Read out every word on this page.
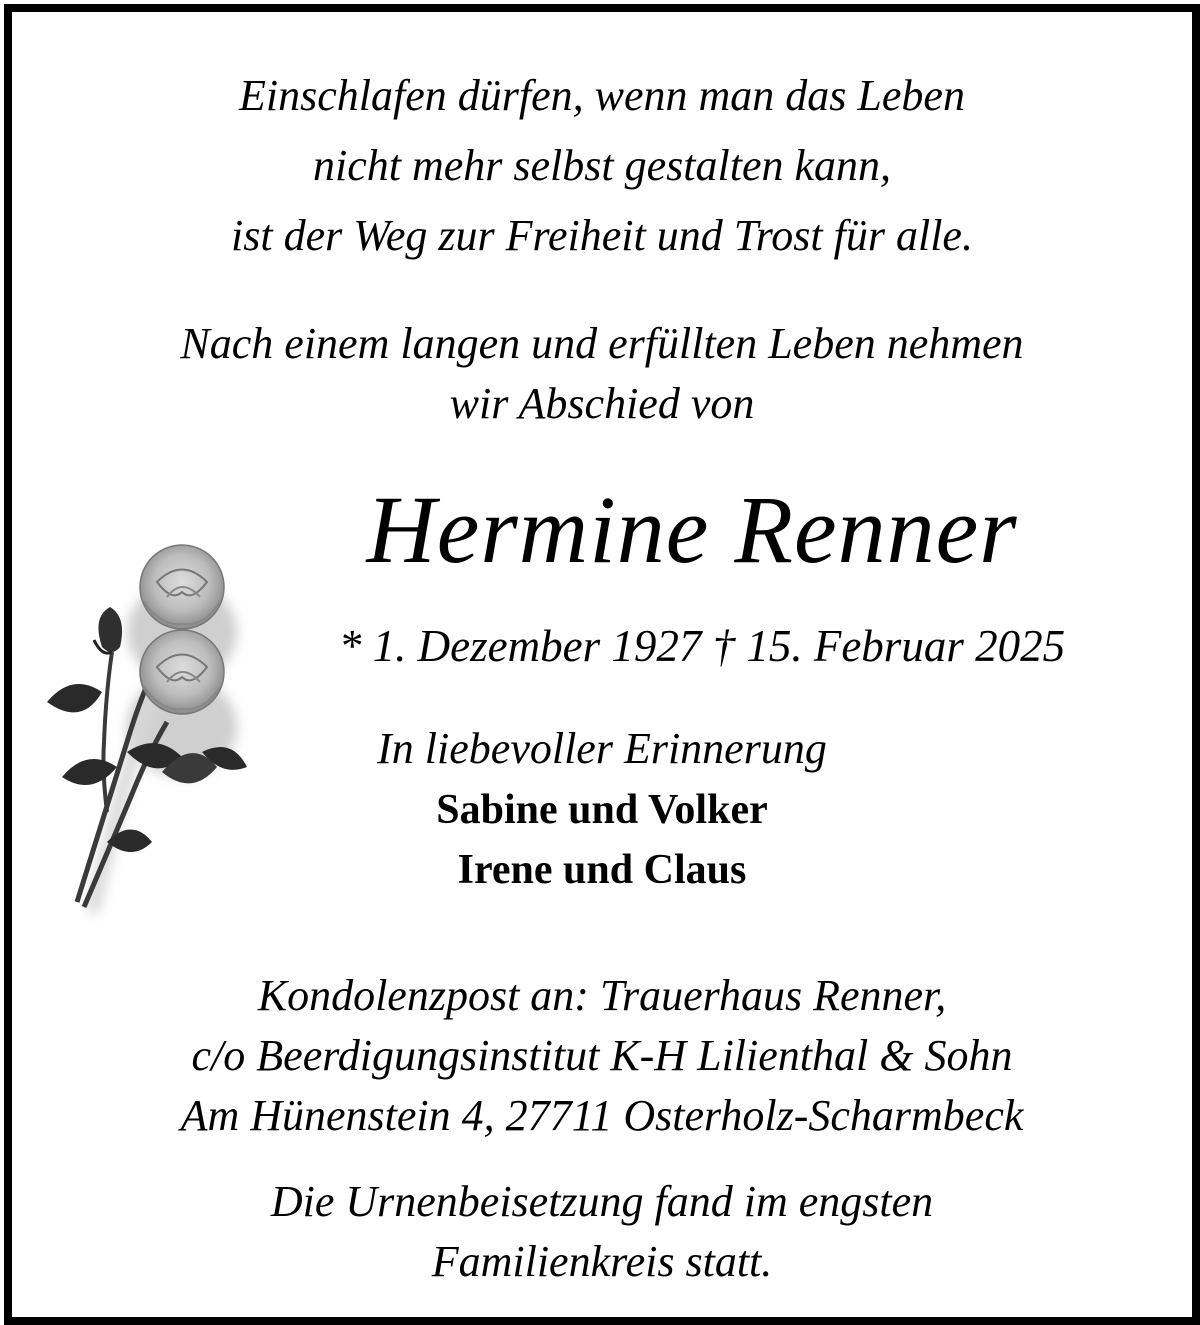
Einschlafen dürfen, wenn man das Leben
nicht mehr selbst gestalten kann,
ist der Weg zur Freiheit und Trost für alle.
Nach einem langen und erfüllten Leben nehmen
wir Abschied von
Hermine Renner
* 1. Dezember 1927 † 15. Februar 2025
In liebevoller Erinnerung
Sabine und Volker
Irene und Claus
Kondolenzpost an: Trauerhaus Renner,
c/o Beerdigungsinstitut K-H Lilienthal & Sohn
Am Hünenstein 4, 27711 Osterholz-Scharmbeck
Die Urnenbeisetzung fand im engsten
Familienkreis statt.
